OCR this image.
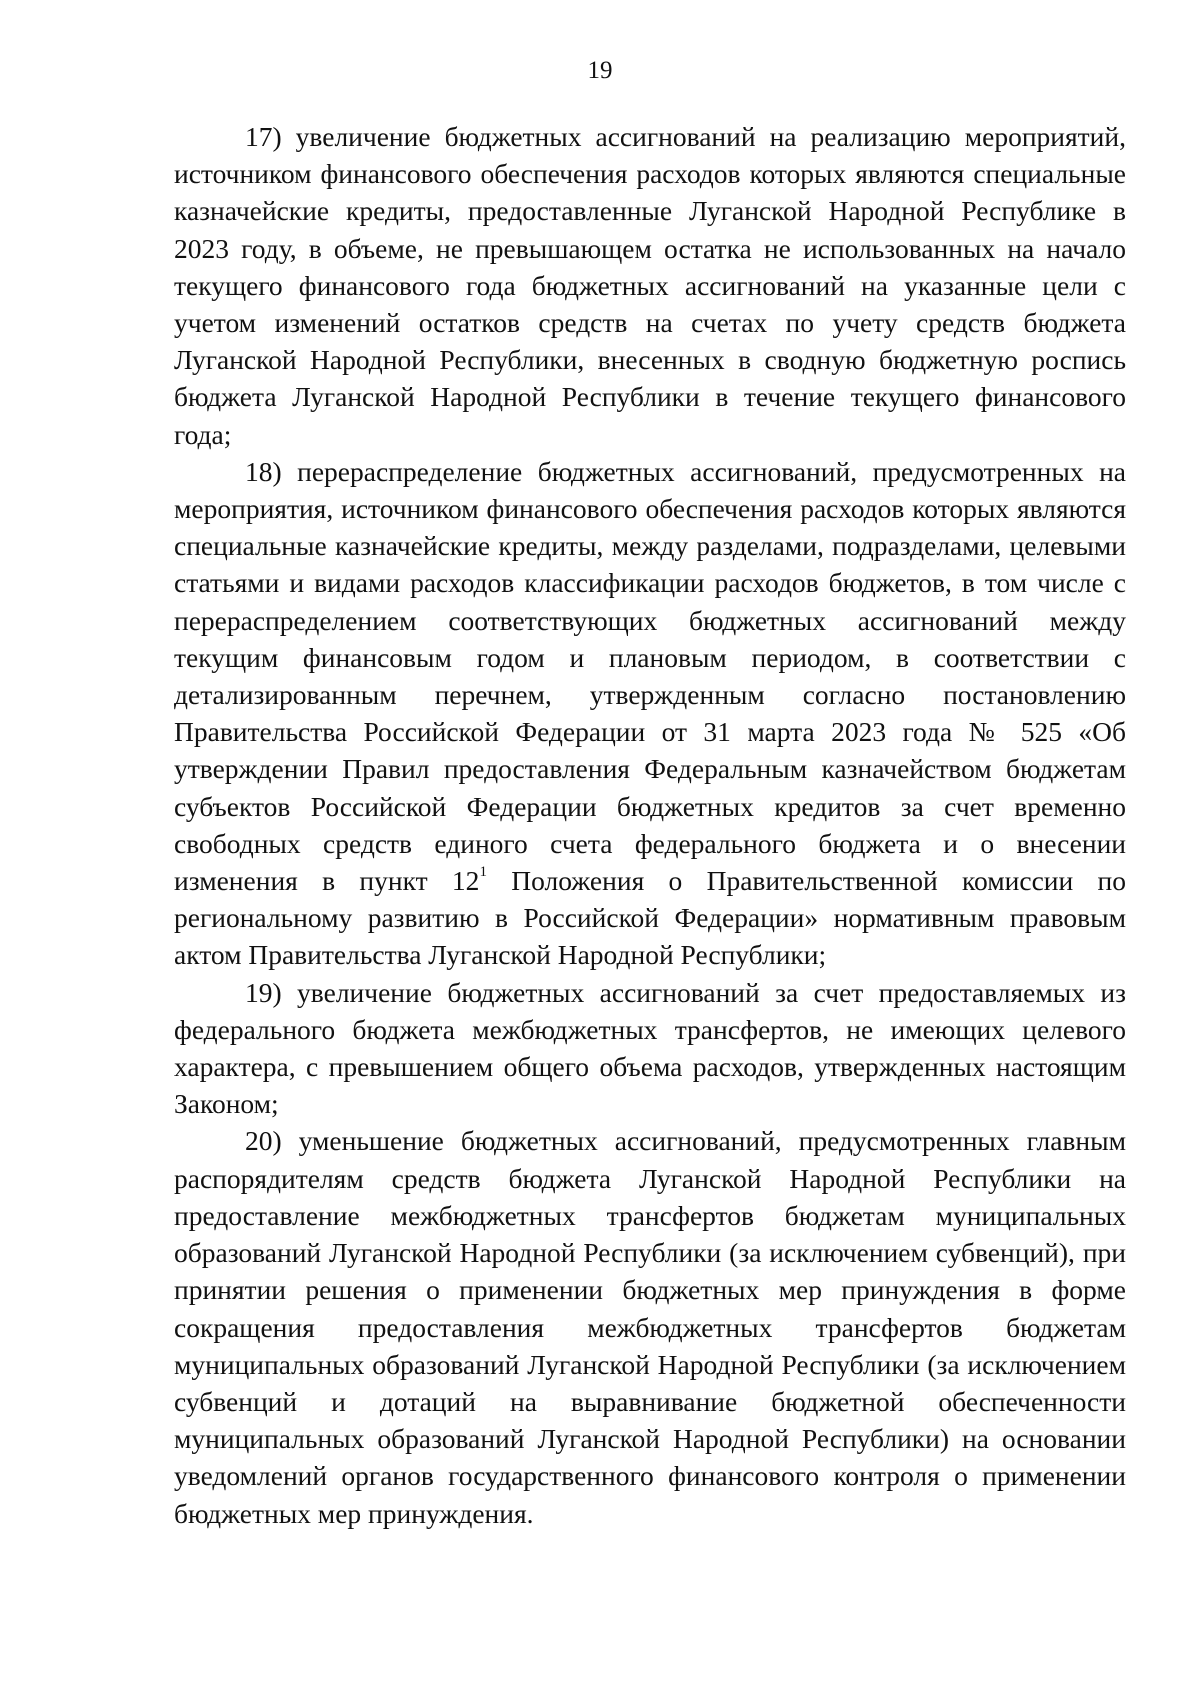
19

17) увеличение бюджетных ассигнований на реализацию мероприятий, источником финансового обеспечения расходов которых являются специальные казначейские кредиты, предоставленные Луганской Народной Республике в 2023 году, в объеме, не превышающем остатка не использованных на начало текущего финансового года бюджетных ассигнований на указанные цели с учетом изменений остатков средств на счетах по учету средств бюджета Луганской Народной Республики, внесенных в сводную бюджетную роспись бюджета Луганской Народной Республики в течение текущего финансового года;

18) перераспределение бюджетных ассигнований, предусмотренных на мероприятия, источником финансового обеспечения расходов которых являются специальные казначейские кредиты, между разделами, подразделами, целевыми статьями и видами расходов классификации расходов бюджетов, в том числе с перераспределением соответствующих бюджетных ассигнований между текущим финансовым годом и плановым периодом, в соответствии с детализированным перечнем, утвержденным согласно постановлению Правительства Российской Федерации от 31 марта 2023 года № 525 «Об утверждении Правил предоставления Федеральным казначейством бюджетам субъектов Российской Федерации бюджетных кредитов за счет временно свободных средств единого счета федерального бюджета и о внесении изменения в пункт $12^1$ Положения о Правительственной комиссии по региональному развитию в Российской Федерации» нормативным правовым актом Правительства Луганской Народной Республики;

19) увеличение бюджетных ассигнований за счет предоставляемых из федерального бюджета межбюджетных трансфертов, не имеющих целевого характера, с превышением общего объема расходов, утвержденных настоящим Законом;

20) уменьшение бюджетных ассигнований, предусмотренных главным распорядителям средств бюджета Луганской Народной Республики на предоставление межбюджетных трансфертов бюджетам муниципальных образований Луганской Народной Республики (за исключением субвенций), при принятии решения о применении бюджетных мер принуждения в форме сокращения предоставления межбюджетных трансфертов бюджетам муниципальных образований Луганской Народной Республики (за исключением субвенций и дотаций на выравнивание бюджетной обеспеченности муниципальных образований Луганской Народной Республики) на основании уведомлений органов государственного финансового контроля о применении бюджетных мер принуждения.
